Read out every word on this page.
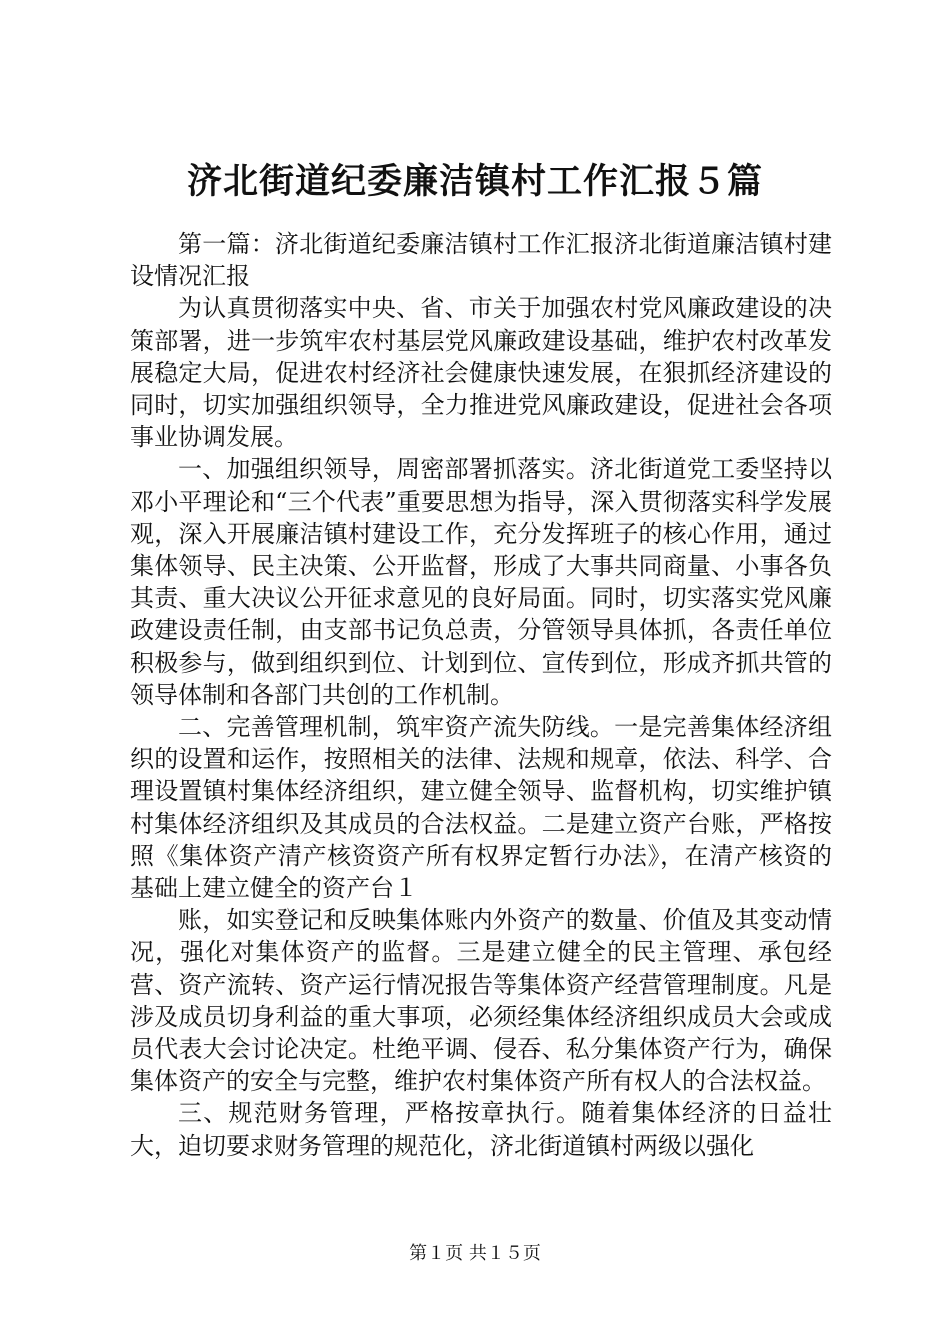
济北街道纪委廉洁镇村工作汇报５篇

第一篇：济北街道纪委廉洁镇村工作汇报济北街道廉洁镇村建设情况汇报

为认真贯彻落实中央、省、市关于加强农村党风廉政建设的决策部署，进一步筑牢农村基层党风廉政建设基础，维护农村改革发展稳定大局，促进农村经济社会健康快速发展，在狠抓经济建设的同时，切实加强组织领导，全力推进党风廉政建设，促进社会各项事业协调发展。

一、加强组织领导，周密部署抓落实。济北街道党工委坚持以邓小平理论和“三个代表”重要思想为指导，深入贯彻落实科学发展观，深入开展廉洁镇村建设工作，充分发挥班子的核心作用，通过集体领导、民主决策、公开监督，形成了大事共同商量、小事各负其责、重大决议公开征求意见的良好局面。同时，切实落实党风廉政建设责任制，由支部书记负总责，分管领导具体抓，各责任单位积极参与，做到组织到位、计划到位、宣传到位，形成齐抓共管的领导体制和各部门共创的工作机制。

二、完善管理机制，筑牢资产流失防线。一是完善集体经济组织的设置和运作，按照相关的法律、法规和规章，依法、科学、合理设置镇村集体经济组织，建立健全领导、监督机构，切实维护镇村集体经济组织及其成员的合法权益。二是建立资产台账，严格按照《集体资产清产核资资产所有权界定暂行办法》，在清产核资的基础上建立健全的资产台１

账，如实登记和反映集体账内外资产的数量、价值及其变动情况，强化对集体资产的监督。三是建立健全的民主管理、承包经营、资产流转、资产运行情况报告等集体资产经营管理制度。凡是涉及成员切身利益的重大事项，必须经集体经济组织成员大会或成员代表大会讨论决定。杜绝平调、侵吞、私分集体资产行为，确保集体资产的安全与完整，维护农村集体资产所有权人的合法权益。

三、规范财务管理，严格按章执行。随着集体经济的日益壮大，迫切要求财务管理的规范化，济北街道镇村两级以强化

第１页 共１５页
